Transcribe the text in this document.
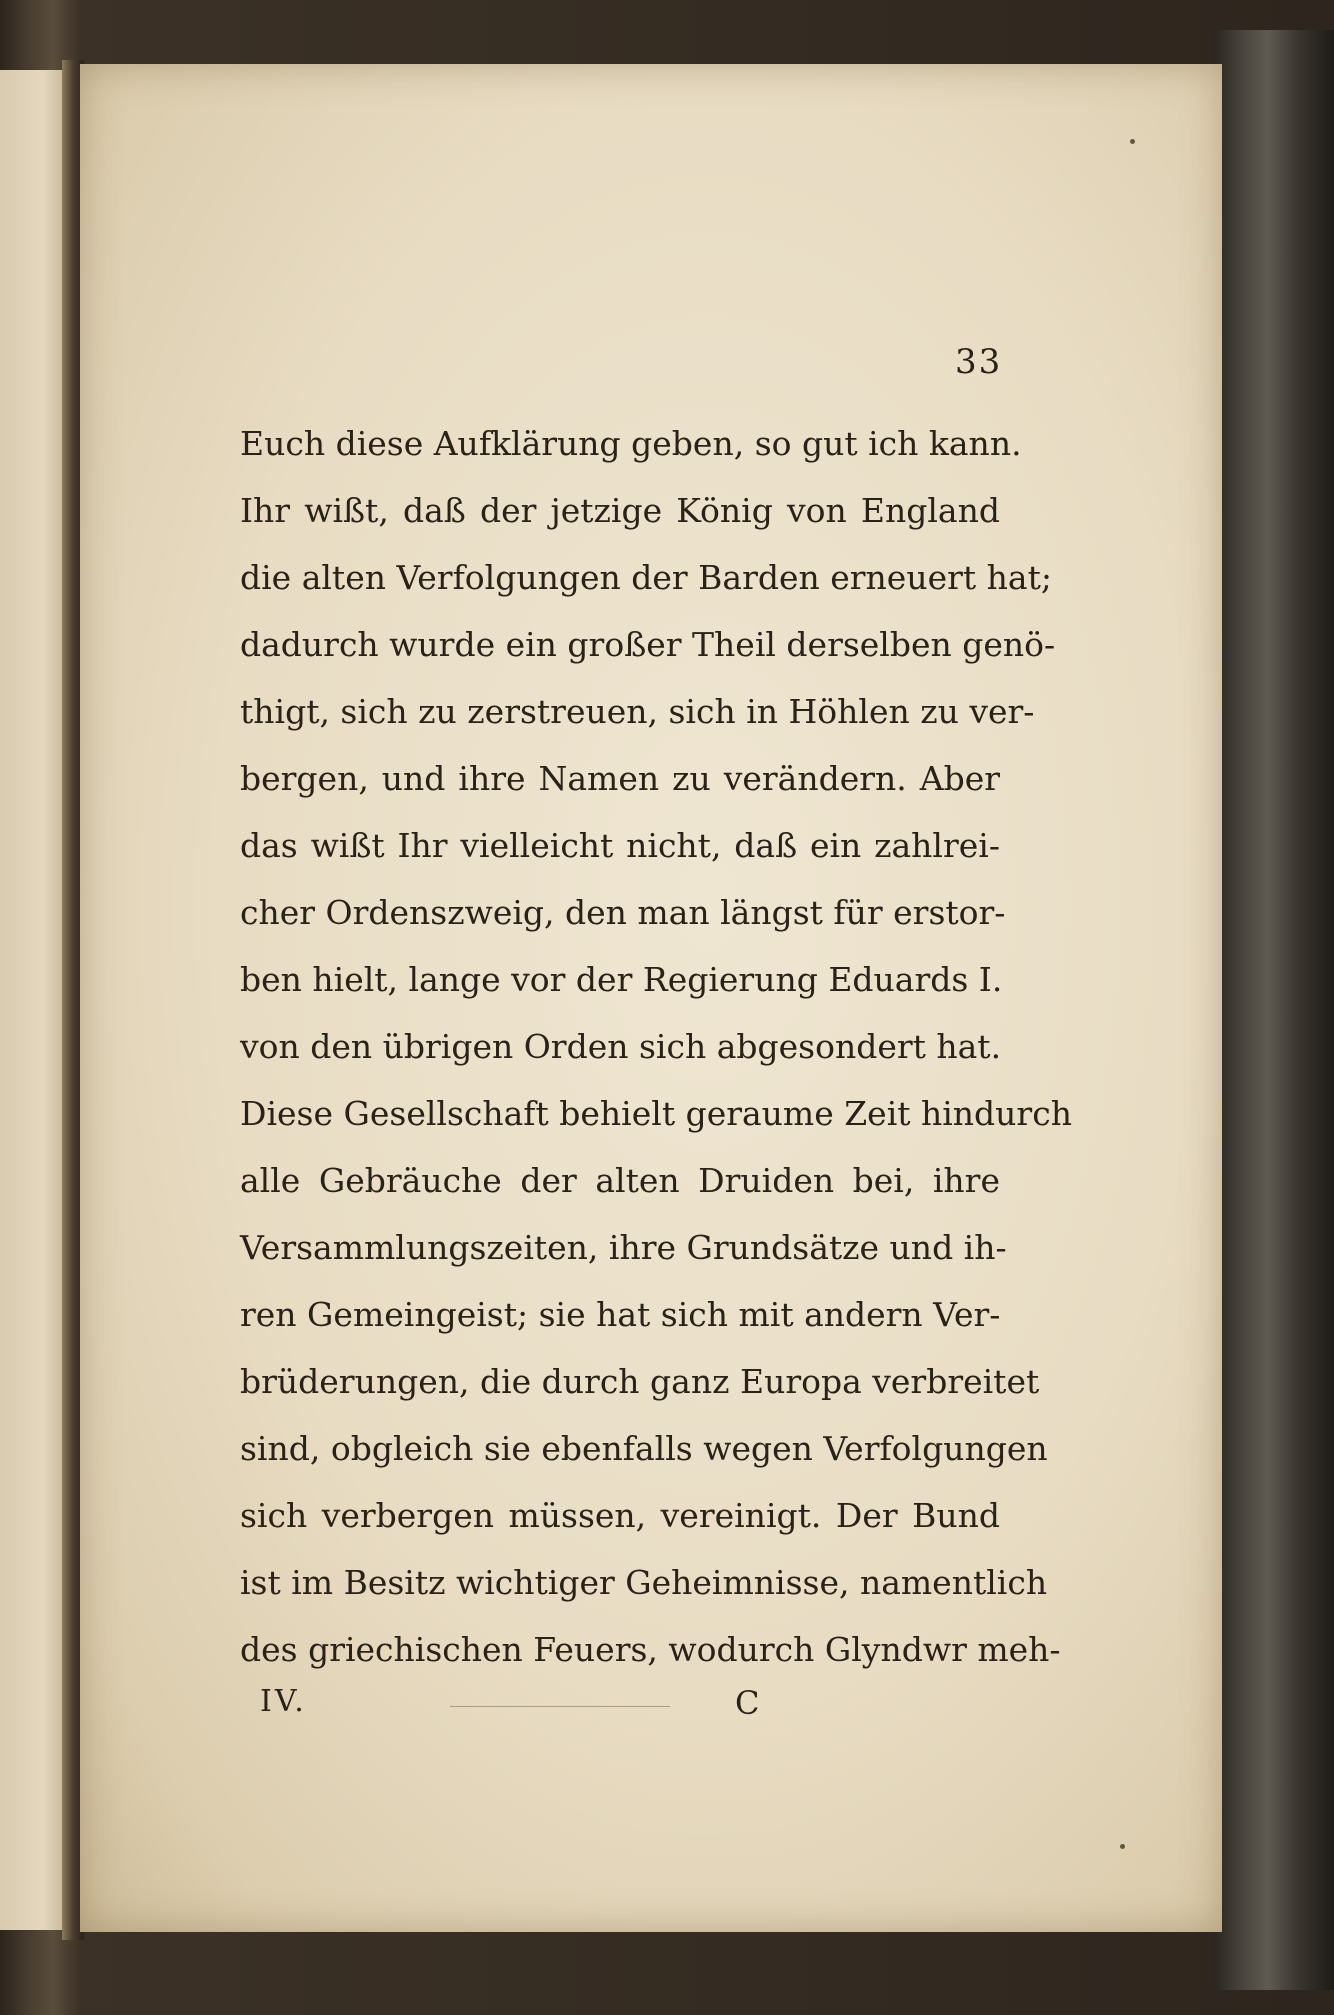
33
Euch diese Aufklärung geben, so gut ich kann.
Ihr wißt, daß der jetzige König von England
die alten Verfolgungen der Barden erneuert hat;
dadurch wurde ein großer Theil derselben genö-
thigt, sich zu zerstreuen, sich in Höhlen zu ver-
bergen, und ihre Namen zu verändern. Aber
das wißt Ihr vielleicht nicht, daß ein zahlrei-
cher Ordenszweig, den man längst für erstor-
ben hielt, lange vor der Regierung Eduards I.
von den übrigen Orden sich abgesondert hat.
Diese Gesellschaft behielt geraume Zeit hindurch
alle Gebräuche der alten Druiden bei, ihre
Versammlungszeiten, ihre Grundsätze und ih-
ren Gemeingeist; sie hat sich mit andern Ver-
brüderungen, die durch ganz Europa verbreitet
sind, obgleich sie ebenfalls wegen Verfolgungen
sich verbergen müssen, vereinigt. Der Bund
ist im Besitz wichtiger Geheimnisse, namentlich
des griechischen Feuers, wodurch Glyndwr meh-
IV.	C
